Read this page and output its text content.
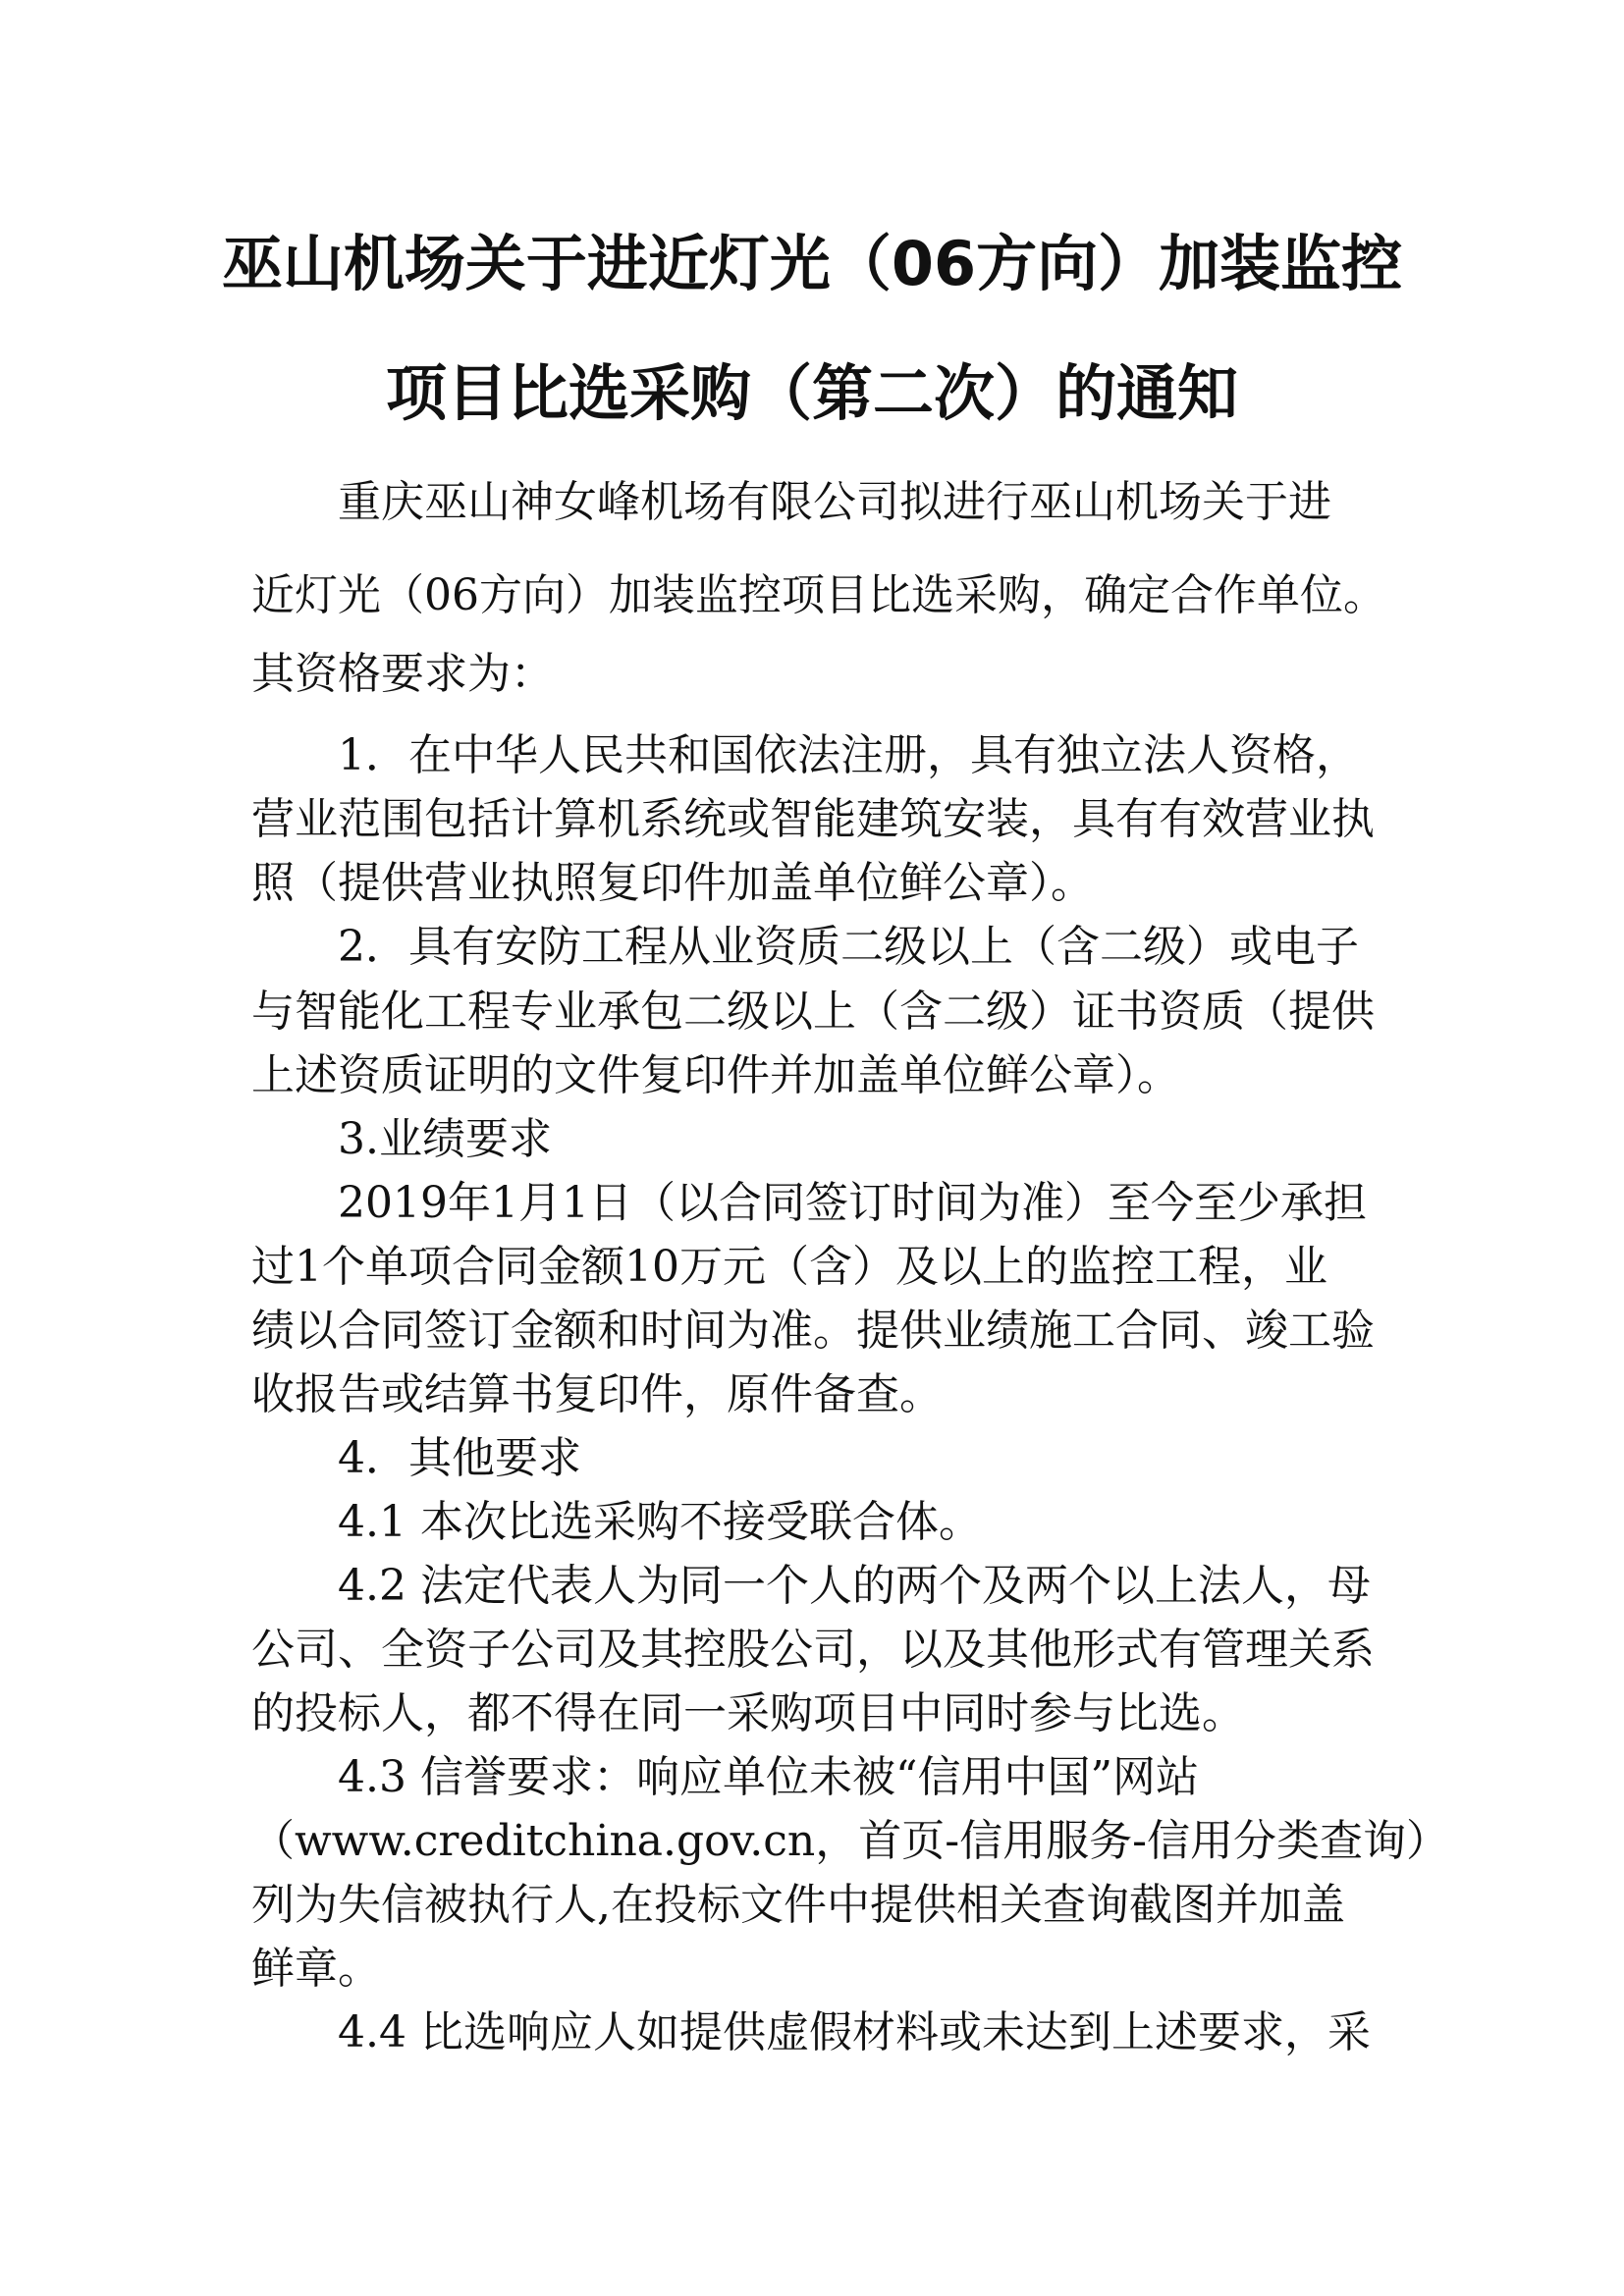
巫山机场关于进近灯光（06方向）加装监控
项目比选采购（第二次）的通知
　　重庆巫山神女峰机场有限公司拟进行巫山机场关于进
近灯光（06方向）加装监控项目比选采购，确定合作单位。
其资格要求为：
　　1．在中华人民共和国依法注册，具有独立法人资格，
营业范围包括计算机系统或智能建筑安装，具有有效营业执
照（提供营业执照复印件加盖单位鲜公章）。
　　2．具有安防工程从业资质二级以上（含二级）或电子
与智能化工程专业承包二级以上（含二级）证书资质（提供
上述资质证明的文件复印件并加盖单位鲜公章）。
　　3.业绩要求
　　2019年1月1日（以合同签订时间为准）至今至少承担
过1个单项合同金额10万元（含）及以上的监控工程，业
绩以合同签订金额和时间为准。提供业绩施工合同、竣工验
收报告或结算书复印件，原件备查。
　　4．其他要求
　　4.1 本次比选采购不接受联合体。
　　4.2 法定代表人为同一个人的两个及两个以上法人，母
公司、全资子公司及其控股公司，以及其他形式有管理关系
的投标人，都不得在同一采购项目中同时参与比选。
　　4.3 信誉要求：响应单位未被“信用中国”网站
（www.creditchina.gov.cn，首页-信用服务-信用分类查询）
列为失信被执行人,在投标文件中提供相关查询截图并加盖
鲜章。
　　4.4 比选响应人如提供虚假材料或未达到上述要求，采
